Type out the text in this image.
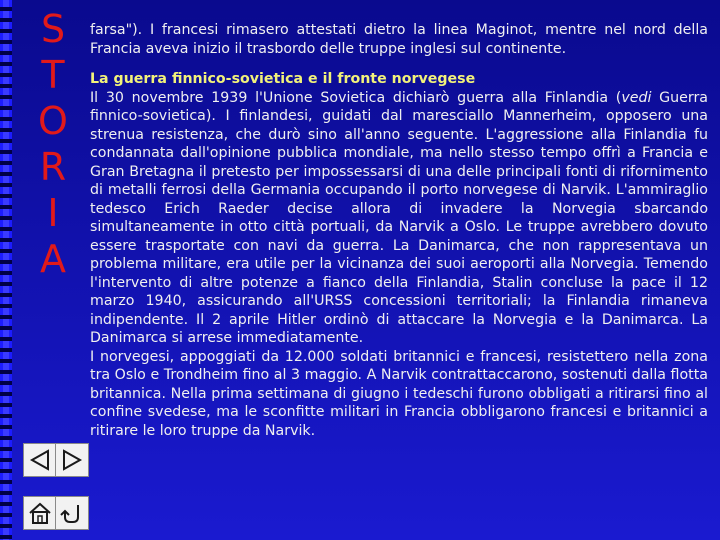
S
T
O
R
I
A

farsa"). I francesi rimasero attestati dietro la linea Maginot, mentre nel nord della Francia aveva inizio il trasbordo delle truppe inglesi sul continente.

La guerra finnico-sovietica e il fronte norvegese

Il 30 novembre 1939 l'Unione Sovietica dichiarò guerra alla Finlandia (vedi Guerra finnico-sovietica). I finlandesi, guidati dal maresciallo Mannerheim, opposero una strenua resistenza, che durò sino all'anno seguente. L'aggressione alla Finlandia fu condannata dall'opinione pubblica mondiale, ma nello stesso tempo offrì a Francia e Gran Bretagna il pretesto per impossessarsi di una delle principali fonti di rifornimento di metalli ferrosi della Germania occupando il porto norvegese di Narvik. L'ammiraglio tedesco Erich Raeder decise allora di invadere la Norvegia sbarcando simultaneamente in otto città portuali, da Narvik a Oslo. Le truppe avrebbero dovuto essere trasportate con navi da guerra. La Danimarca, che non rappresentava un problema militare, era utile per la vicinanza dei suoi aeroporti alla Norvegia. Temendo l'intervento di altre potenze a fianco della Finlandia, Stalin concluse la pace il 12 marzo 1940, assicurando all'URSS concessioni territoriali; la Finlandia rimaneva indipendente. Il 2 aprile Hitler ordinò di attaccare la Norvegia e la Danimarca. La Danimarca si arrese immediatamente.

I norvegesi, appoggiati da 12.000 soldati britannici e francesi, resistettero nella zona tra Oslo e Trondheim fino al 3 maggio. A Narvik contrattaccarono, sostenuti dalla flotta britannica. Nella prima settimana di giugno i tedeschi furono obbligati a ritirarsi fino al confine svedese, ma le sconfitte militari in Francia obbligarono francesi e britannici a ritirare le loro truppe da Narvik.
